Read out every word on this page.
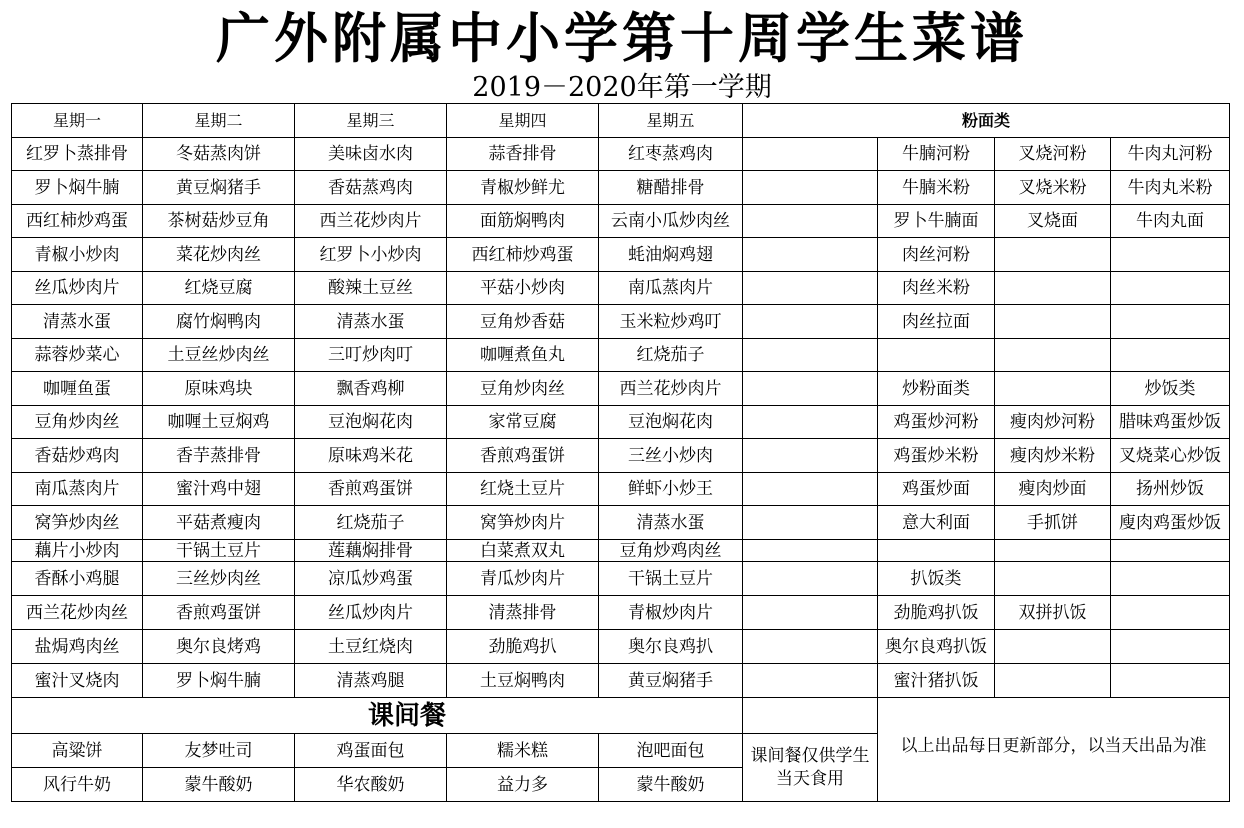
广外附属中小学第十周学生菜谱
2019－2020年第一学期
星期一	星期二	星期三	星期四	星期五	粉面类			
红罗卜蒸排骨	冬菇蒸肉饼	美味卤水肉	蒜香排骨	红枣蒸鸡肉		牛腩河粉	叉烧河粉	牛肉丸河粉
罗卜焖牛腩	黄豆焖猪手	香菇蒸鸡肉	青椒炒鲜尤	糖醋排骨		牛腩米粉	叉烧米粉	牛肉丸米粉
西红柿炒鸡蛋	茶树菇炒豆角	西兰花炒肉片	面筋焖鸭肉	云南小瓜炒肉丝		罗卜牛腩面	叉烧面	牛肉丸面
青椒小炒肉	菜花炒肉丝	红罗卜小炒肉	西红柿炒鸡蛋	蚝油焖鸡翅		肉丝河粉		
丝瓜炒肉片	红烧豆腐	酸辣土豆丝	平菇小炒肉	南瓜蒸肉片		肉丝米粉		
清蒸水蛋	腐竹焖鸭肉	清蒸水蛋	豆角炒香菇	玉米粒炒鸡叮		肉丝拉面		
蒜蓉炒菜心	土豆丝炒肉丝	三叮炒肉叮	咖喱煮鱼丸	红烧茄子				
咖喱鱼蛋	原味鸡块	飘香鸡柳	豆角炒肉丝	西兰花炒肉片		炒粉面类		炒饭类
豆角炒肉丝	咖喱土豆焖鸡	豆泡焖花肉	家常豆腐	豆泡焖花肉		鸡蛋炒河粉	瘦肉炒河粉	腊味鸡蛋炒饭
香菇炒鸡肉	香芋蒸排骨	原味鸡米花	香煎鸡蛋饼	三丝小炒肉		鸡蛋炒米粉	瘦肉炒米粉	叉烧菜心炒饭
南瓜蒸肉片	蜜汁鸡中翅	香煎鸡蛋饼	红烧土豆片	鲜虾小炒王		鸡蛋炒面	瘦肉炒面	扬州炒饭
窝笋炒肉丝	平菇煮瘦肉	红烧茄子	窝笋炒肉片	清蒸水蛋		意大利面	手抓饼	廋肉鸡蛋炒饭
藕片小炒肉	干锅土豆片	莲藕焖排骨	白菜煮双丸	豆角炒鸡肉丝				
香酥小鸡腿	三丝炒肉丝	凉瓜炒鸡蛋	青瓜炒肉片	干锅土豆片		扒饭类		
西兰花炒肉丝	香煎鸡蛋饼	丝瓜炒肉片	清蒸排骨	青椒炒肉片		劲脆鸡扒饭	双拼扒饭	
盐焗鸡肉丝	奥尔良烤鸡	土豆红烧肉	劲脆鸡扒	奥尔良鸡扒		奥尔良鸡扒饭		
蜜汁叉烧肉	罗卜焖牛腩	清蒸鸡腿	土豆焖鸭肉	黄豆焖猪手		蜜汁猪扒饭		
课间餐						以上出品每日更新部分，以当天出品为准		
高粱饼	友梦吐司	鸡蛋面包	糯米糕	泡吧面包	课间餐仅供学生当天食用			
风行牛奶	蒙牛酸奶	华农酸奶	益力多	蒙牛酸奶				
